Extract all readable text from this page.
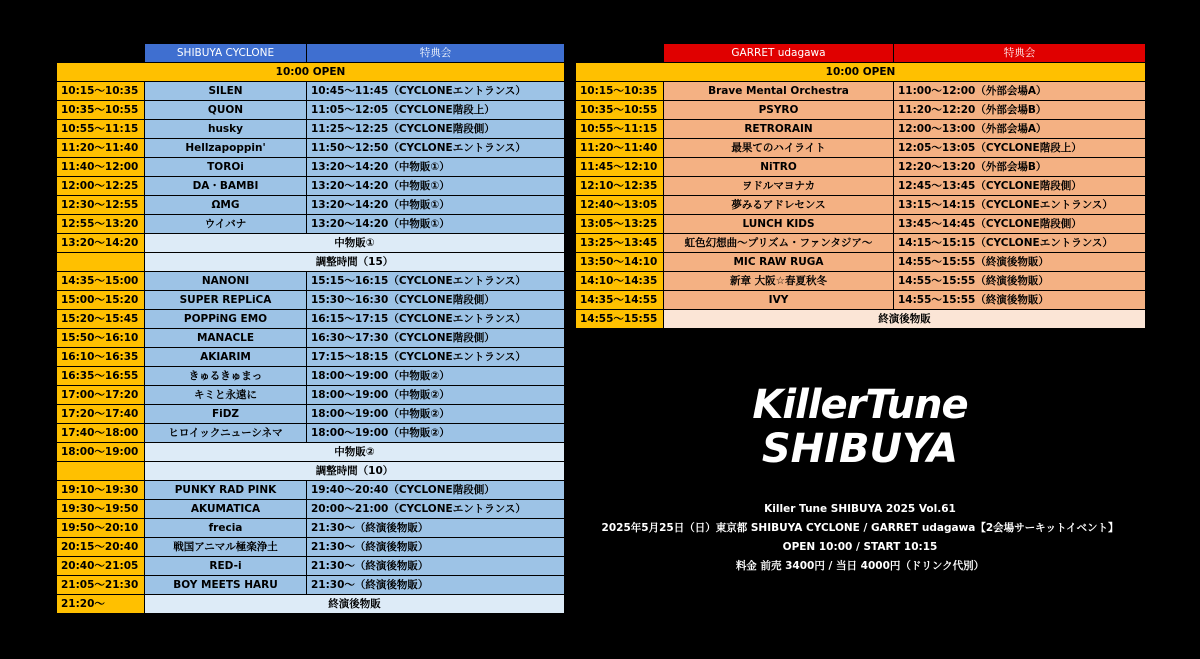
	SHIBUYA CYCLONE	特典会
10:00 OPEN		
10:15〜10:35	SILEN	10:45〜11:45（CYCLONEエントランス）
10:35〜10:55	QUON	11:05〜12:05（CYCLONE階段上）
10:55〜11:15	husky	11:25〜12:25（CYCLONE階段側）
11:20〜11:40	Hellzapoppin'	11:50〜12:50（CYCLONEエントランス）
11:40〜12:00	TOROi	13:20〜14:20（中物販①）
12:00〜12:25	DA・BAMBI	13:20〜14:20（中物販①）
12:30〜12:55	ΩMG	13:20〜14:20（中物販①）
12:55〜13:20	ウイバナ	13:20〜14:20（中物販①）
13:20〜14:20	中物販①	
	調整時間（15）	
14:35〜15:00	NANONI	15:15〜16:15（CYCLONEエントランス）
15:00〜15:20	SUPER REPLiCA	15:30〜16:30（CYCLONE階段側）
15:20〜15:45	POPPiNG EMO	16:15〜17:15（CYCLONEエントランス）
15:50〜16:10	MANACLE	16:30〜17:30（CYCLONE階段側）
16:10〜16:35	AKIARIM	17:15〜18:15（CYCLONEエントランス）
16:35〜16:55	きゅるきゅまっ	18:00〜19:00（中物販②）
17:00〜17:20	キミと永遠に	18:00〜19:00（中物販②）
17:20〜17:40	FiDZ	18:00〜19:00（中物販②）
17:40〜18:00	ヒロイックニューシネマ	18:00〜19:00（中物販②）
18:00〜19:00	中物販②	
	調整時間（10）	
19:10〜19:30	PUNKY RAD PINK	19:40〜20:40（CYCLONE階段側）
19:30〜19:50	AKUMATICA	20:00〜21:00（CYCLONEエントランス）
19:50〜20:10	frecia	21:30〜（終演後物販）
20:15〜20:40	戦国アニマル極楽浄土	21:30〜（終演後物販）
20:40〜21:05	RED-i	21:30〜（終演後物販）
21:05〜21:30	BOY MEETS HARU	21:30〜（終演後物販）
21:20〜	終演後物販	
	GARRET udagawa	特典会
10:00 OPEN		
10:15〜10:35	Brave Mental Orchestra	11:00〜12:00（外部会場A）
10:35〜10:55	PSYRO	11:20〜12:20（外部会場B）
10:55〜11:15	RETRORAIN	12:00〜13:00（外部会場A）
11:20〜11:40	最果てのハイライト	12:05〜13:05（CYCLONE階段上）
11:45〜12:10	NiTRO	12:20〜13:20（外部会場B）
12:10〜12:35	ヲドルマヨナカ	12:45〜13:45（CYCLONE階段側）
12:40〜13:05	夢みるアドレセンス	13:15〜14:15（CYCLONEエントランス）
13:05〜13:25	LUNCH KIDS	13:45〜14:45（CYCLONE階段側）
13:25〜13:45	虹色幻想曲〜プリズム・ファンタジア〜	14:15〜15:15（CYCLONEエントランス）
13:50〜14:10	MIC RAW RUGA	14:55〜15:55（終演後物販）
14:10〜14:35	新章 大阪☆春夏秋冬	14:55〜15:55（終演後物販）
14:35〜14:55	IVY	14:55〜15:55（終演後物販）
14:55〜15:55	終演後物販	
KillerTune
SHIBUYA
Killer Tune SHIBUYA 2025 Vol.61
2025年5月25日（日）東京都 SHIBUYA CYCLONE / GARRET udagawa【2会場サーキットイベント】
OPEN 10:00 / START 10:15
料金 前売 3400円 / 当日 4000円（ドリンク代別）
